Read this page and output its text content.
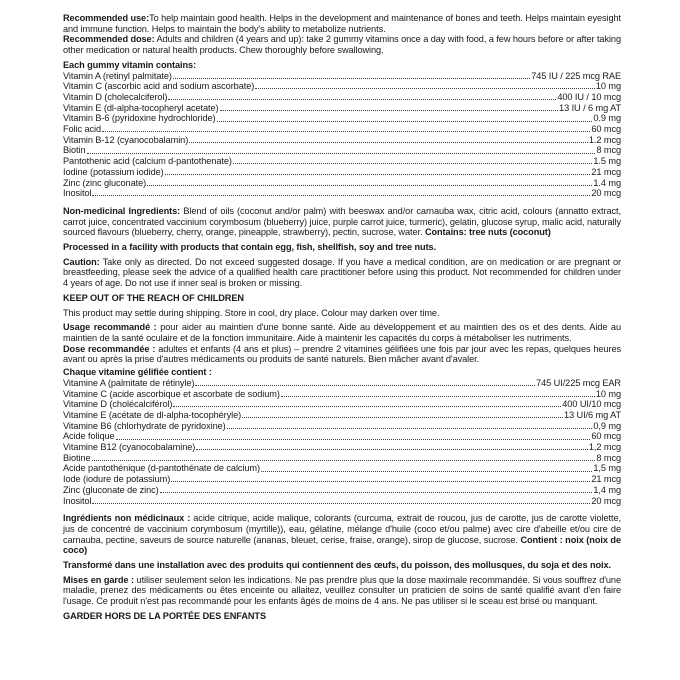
Recommended use:To help maintain good health. Helps in the development and maintenance of bones and teeth. Helps maintain eyesight and immune function. Helps to maintain the body's ability to metabolize nutrients.

Recommended dose: Adults and children (4 years and up): take 2 gummy vitamins once a day with food, a few hours before or after taking other medication or natural health products. Chew thoroughly before swallowing.

Each gummy vitamin contains:

Vitamin A (retinyl palmitate)	745 IU / 225 mcg RAE
Vitamin C (ascorbic acid and sodium ascorbate)	10 mg
Vitamin D (cholecalciferol)	400 IU / 10 mcg
Vitamin E (dl-alpha-tocopheryl acetate)	13 IU / 6 mg AT
Vitamin B-6 (pyridoxine hydrochloride)	0.9 mg
Folic acid	60 mcg
Vitamin B-12 (cyanocobalamin)	1.2 mcg
Biotin	8 mcg
Pantothenic acid (calcium d-pantothenate)	1.5 mg
Iodine (potassium iodide)	21 mcg
Zinc (zinc gluconate)	1.4 mg
Inositol	20 mcg

Non-medicinal Ingredients: Blend of oils (coconut and/or palm) with beeswax and/or carnauba wax, citric acid, colours (annatto extract, carrot juice, concentrated vaccinium corymbosum (blueberry) juice, purple carrot juice, turmeric), gelatin, glucose syrup, malic acid, naturally sourced flavours (blueberry, cherry, orange, pineapple, strawberry), pectin, sucrose, water. Contains: tree nuts (coconut)

Processed in a facility with products that contain egg, fish, shellfish, soy and tree nuts.

Caution: Take only as directed. Do not exceed suggested dosage. If you have a medical condition, are on medication or are pregnant or breastfeeding, please seek the advice of a qualified health care practitioner before using this product. Not recommended for children under 4 years of age. Do not use if inner seal is broken or missing.

KEEP OUT OF THE REACH OF CHILDREN

This product may settle during shipping. Store in cool, dry place. Colour may darken over time.

Usage recommandé : pour aider au maintien d'une bonne santé. Aide au développement et au maintien des os et des dents. Aide au maintien de la santé oculaire et de la fonction immunitaire. Aide à maintenir les capacités du corps à métaboliser les nutriments.

Dose recommandée : adultes et enfants (4 ans et plus) – prendre 2 vitamines gélifiées une fois par jour avec les repas, quelques heures avant ou après la prise d'autres médicaments ou produits de santé naturels. Bien mâcher avant d'avaler.

Chaque vitamine gélifiée contient :

Vitamine A (palmitate de rétinyle)	745 UI/225 mcg EAR
Vitamine C (acide ascorbique et ascorbate de sodium)	10 mg
Vitamine D (cholécalciférol)	400 UI/10 mcg
Vitamine E (acétate de dl-alpha-tocophéryle)	13 UI/6 mg AT
Vitamine B6 (chlorhydrate de pyridoxine)	0,9 mg
Acide folique	60 mcg
Vitamine B12 (cyanocobalamine)	1,2 mcg
Biotine	8 mcg
Acide pantothénique (d-pantothénate de calcium)	1,5 mg
Iode (iodure de potassium)	21 mcg
Zinc (gluconate de zinc)	1,4 mg
Inositol	20 mcg

Ingrédients non médicinaux : acide citrique, acide malique, colorants (curcuma, extrait de roucou, jus de carotte, jus de carotte violette, jus de concentré de vaccinium corymbosum (myrtille)), eau, gélatine, mélange d'huile (coco et/ou palme) avec cire d'abeille et/ou cire de carnauba, pectine, saveurs de source naturelle (ananas, bleuet, cerise, fraise, orange), sirop de glucose, sucrose. Contient : noix (noix de coco)

Transformé dans une installation avec des produits qui contiennent des œufs, du poisson, des mollusques, du soja et des noix.

Mises en garde : utiliser seulement selon les indications. Ne pas prendre plus que la dose maximale recommandée. Si vous souffrez d'une maladie, prenez des médicaments ou êtes enceinte ou allaitez, veuillez consulter un praticien de soins de santé qualifié avant d'en faire l'usage. Ce produit n'est pas recommandé pour les enfants âgés de moins de 4 ans. Ne pas utiliser si le sceau est brisé ou manquant.

GARDER HORS DE LA PORTÉE DES ENFANTS
